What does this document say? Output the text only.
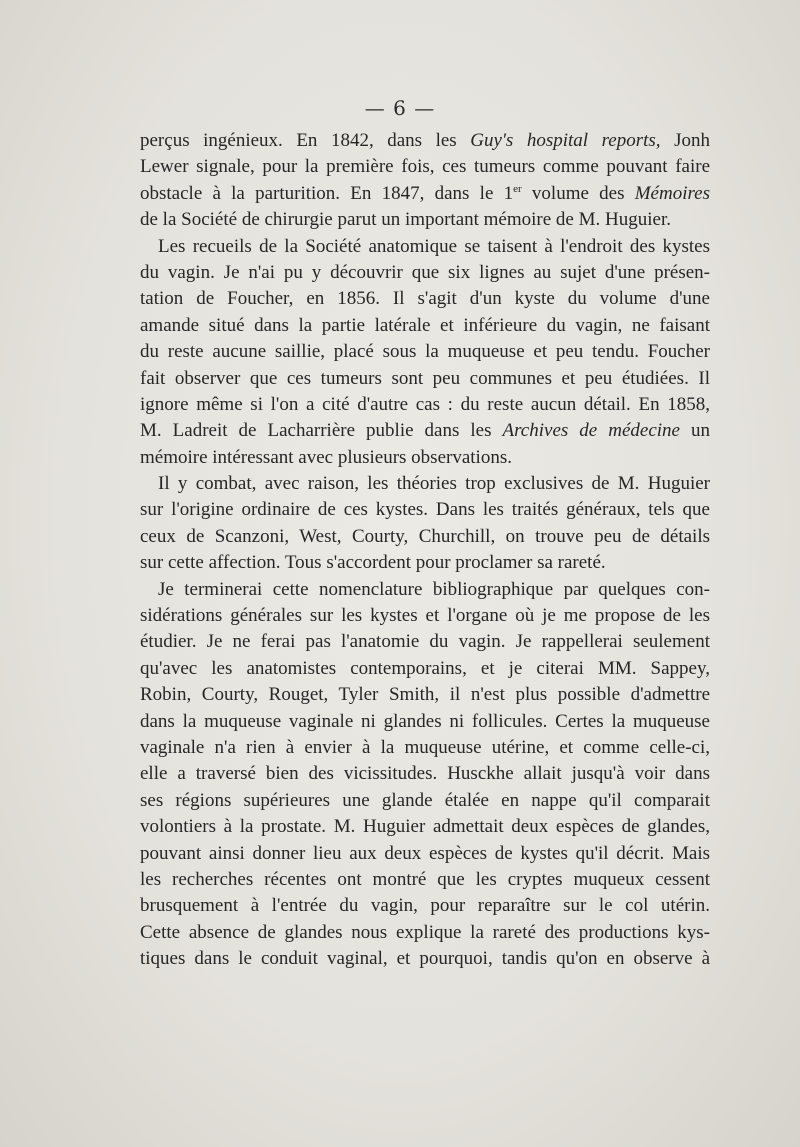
— 6 —
perçus ingénieux. En 1842, dans les Guy's hospital reports, Jonh
Lewer signale, pour la première fois, ces tumeurs comme pouvant faire
obstacle à la parturition. En 1847, dans le 1er volume des Mémoires
de la Société de chirurgie parut un important mémoire de M. Huguier.
Les recueils de la Société anatomique se taisent à l'endroit des kystes
du vagin. Je n'ai pu y découvrir que six lignes au sujet d'une présen-
tation de Foucher, en 1856. Il s'agit d'un kyste du volume d'une
amande situé dans la partie latérale et inférieure du vagin, ne faisant
du reste aucune saillie, placé sous la muqueuse et peu tendu. Foucher
fait observer que ces tumeurs sont peu communes et peu étudiées. Il
ignore même si l'on a cité d'autre cas : du reste aucun détail. En 1858,
M. Ladreit de Lacharrière publie dans les Archives de médecine un
mémoire intéressant avec plusieurs observations.
Il y combat, avec raison, les théories trop exclusives de M. Huguier
sur l'origine ordinaire de ces kystes. Dans les traités généraux, tels que
ceux de Scanzoni, West, Courty, Churchill, on trouve peu de détails
sur cette affection. Tous s'accordent pour proclamer sa rareté.
Je terminerai cette nomenclature bibliographique par quelques con-
sidérations générales sur les kystes et l'organe où je me propose de les
étudier. Je ne ferai pas l'anatomie du vagin. Je rappellerai seulement
qu'avec les anatomistes contemporains, et je citerai MM. Sappey,
Robin, Courty, Rouget, Tyler Smith, il n'est plus possible d'admettre
dans la muqueuse vaginale ni glandes ni follicules. Certes la muqueuse
vaginale n'a rien à envier à la muqueuse utérine, et comme celle-ci,
elle a traversé bien des vicissitudes. Husckhe allait jusqu'à voir dans
ses régions supérieures une glande étalée en nappe qu'il comparait
volontiers à la prostate. M. Huguier admettait deux espèces de glandes,
pouvant ainsi donner lieu aux deux espèces de kystes qu'il décrit. Mais
les recherches récentes ont montré que les cryptes muqueux cessent
brusquement à l'entrée du vagin, pour reparaître sur le col utérin.
Cette absence de glandes nous explique la rareté des productions kys-
tiques dans le conduit vaginal, et pourquoi, tandis qu'on en observe à
